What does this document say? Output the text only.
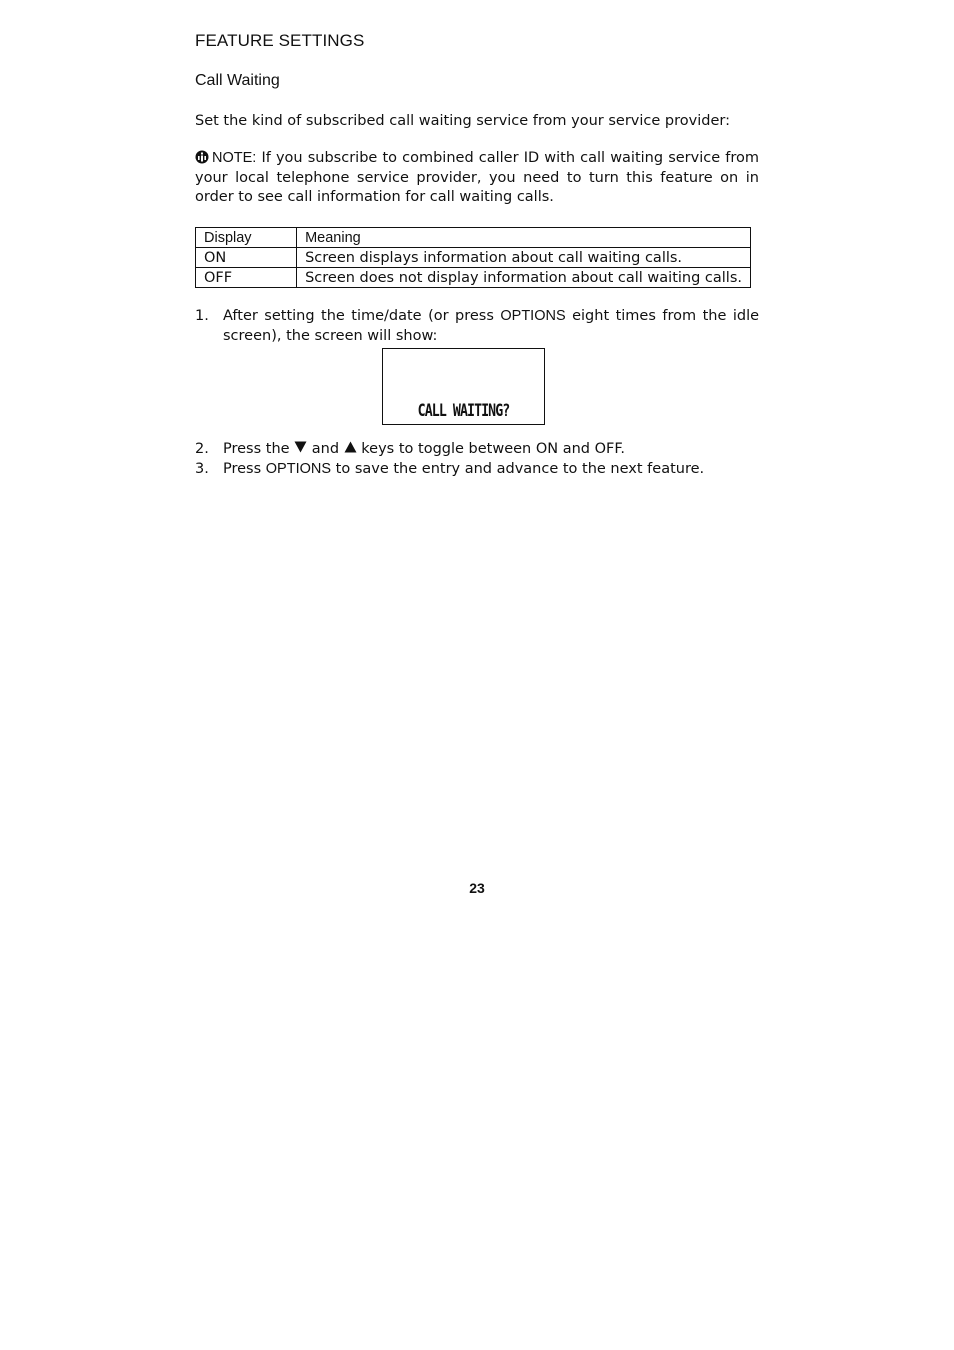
FEATURE SETTINGS
Call Waiting
Set the kind of subscribed call waiting service from your service provider:
NOTE: If you subscribe to combined caller ID with call waiting service from your local telephone service provider, you need to turn this feature on in order to see call information for call waiting calls.
Display	Meaning
ON	Screen displays information about call waiting calls.
OFF	Screen does not display information about call waiting calls.
1. After setting the time/date (or press OPTIONS eight times from the idle screen), the screen will show:
CALL WAITING?
2. Press the and keys to toggle between ON and OFF.
3. Press OPTIONS to save the entry and advance to the next feature.
23
